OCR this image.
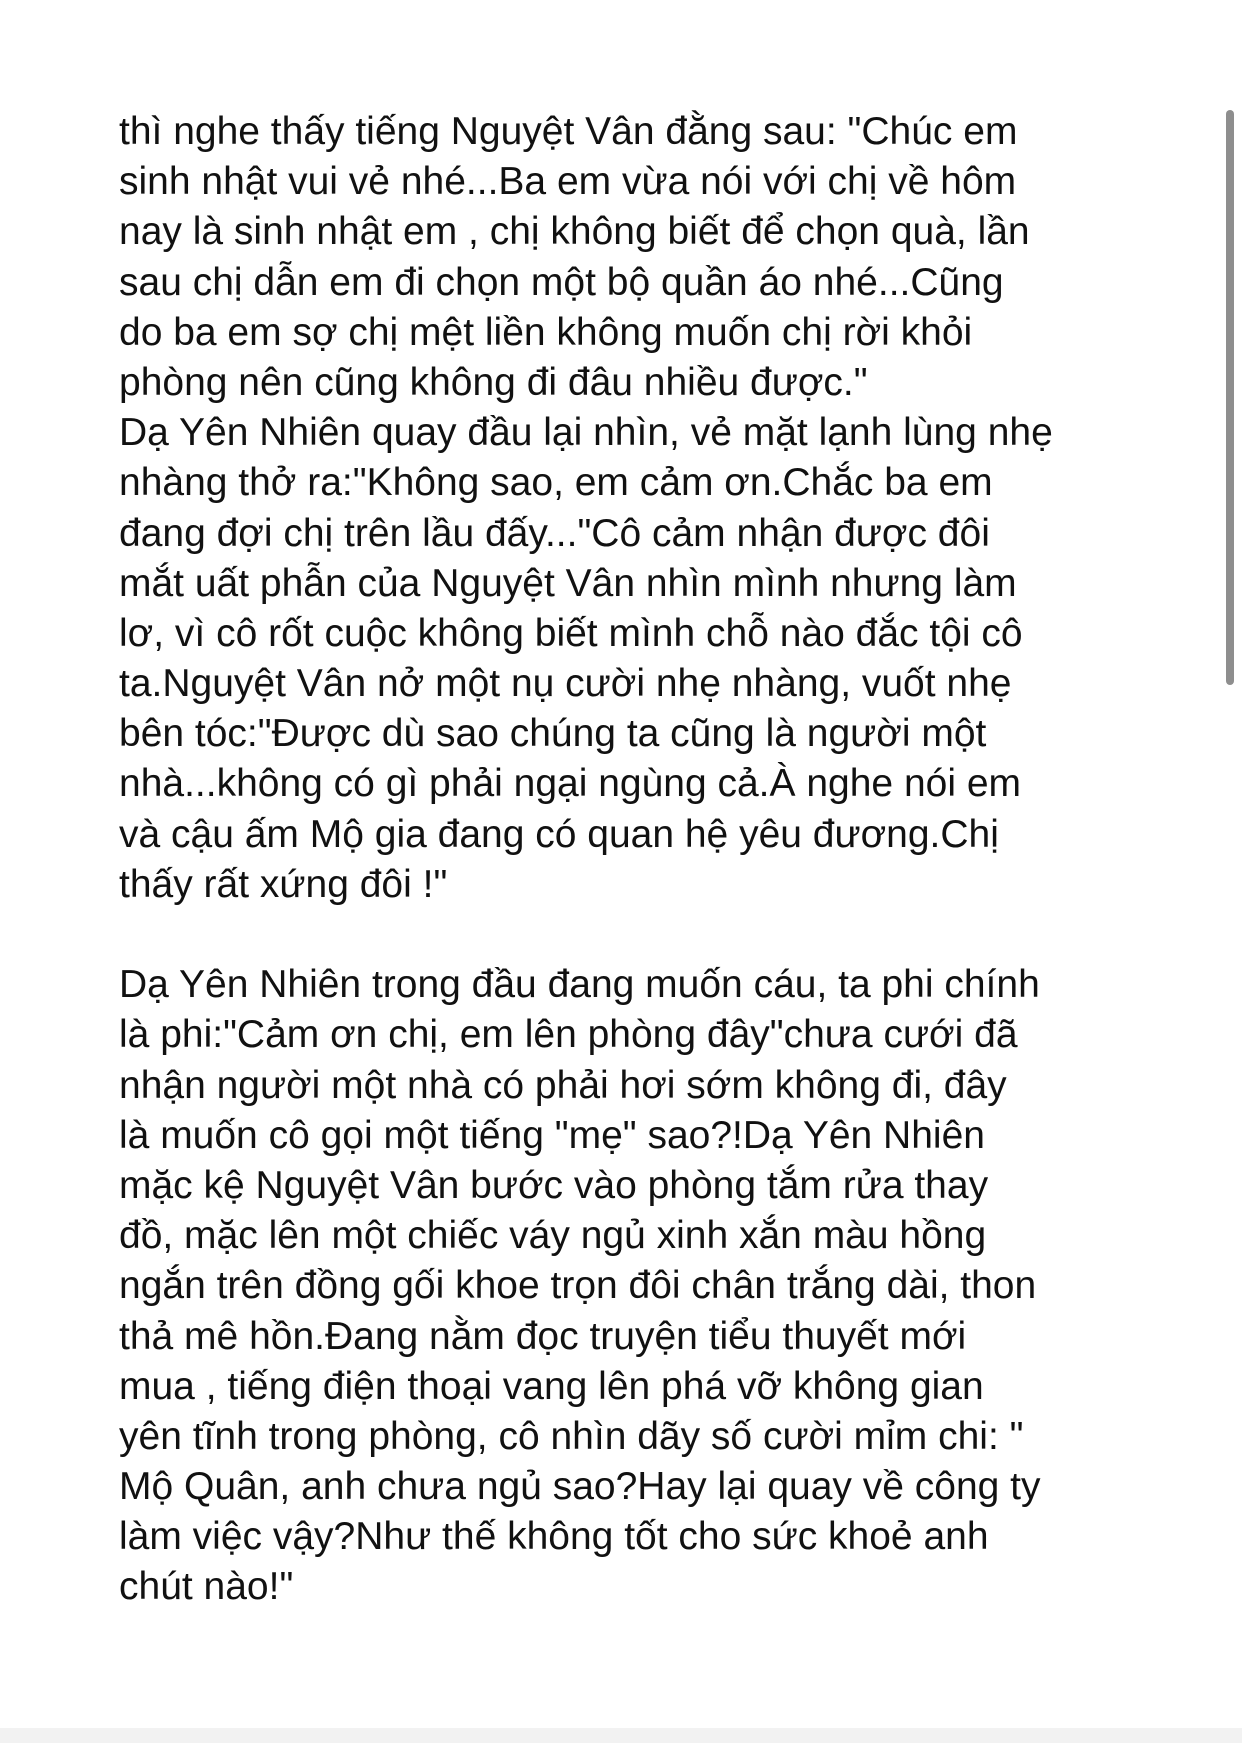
thì nghe thấy tiếng Nguyệt Vân đằng sau: "Chúc em
sinh nhật vui vẻ nhé...Ba em vừa nói với chị về hôm
nay là sinh nhật em , chị không biết để chọn quà, lần
sau chị dẫn em đi chọn một bộ quần áo nhé...Cũng
do ba em sợ chị mệt liền không muốn chị rời khỏi
phòng nên cũng không đi đâu nhiều được."
Dạ Yên Nhiên quay đầu lại nhìn, vẻ mặt lạnh lùng nhẹ
nhàng thở ra:"Không sao, em cảm ơn.Chắc ba em
đang đợi chị trên lầu đấy..."Cô cảm nhận được đôi
mắt uất phẫn của Nguyệt Vân nhìn mình nhưng làm
lơ, vì cô rốt cuộc không biết mình chỗ nào đắc tội cô
ta.Nguyệt Vân nở một nụ cười nhẹ nhàng, vuốt nhẹ
bên tóc:"Được dù sao chúng ta cũng là người một
nhà...không có gì phải ngại ngùng cả.À nghe nói em
và cậu ấm Mộ gia đang có quan hệ yêu đương.Chị
thấy rất xứng đôi !"
Dạ Yên Nhiên trong đầu đang muốn cáu, ta phi chính
là phi:"Cảm ơn chị, em lên phòng đây"chưa cưới đã
nhận người một nhà có phải hơi sớm không đi, đây
là muốn cô gọi một tiếng "mẹ" sao?!Dạ Yên Nhiên
mặc kệ Nguyệt Vân bước vào phòng tắm rửa thay
đồ, mặc lên một chiếc váy ngủ xinh xắn màu hồng
ngắn trên đồng gối khoe trọn đôi chân trắng dài, thon
thả mê hồn.Đang nằm đọc truyện tiểu thuyết mới
mua , tiếng điện thoại vang lên phá vỡ không gian
yên tĩnh trong phòng, cô nhìn dãy số cười mỉm chi: "
Mộ Quân, anh chưa ngủ sao?Hay lại quay về công ty
làm việc vậy?Như thế không tốt cho sức khoẻ anh
chút nào!"
